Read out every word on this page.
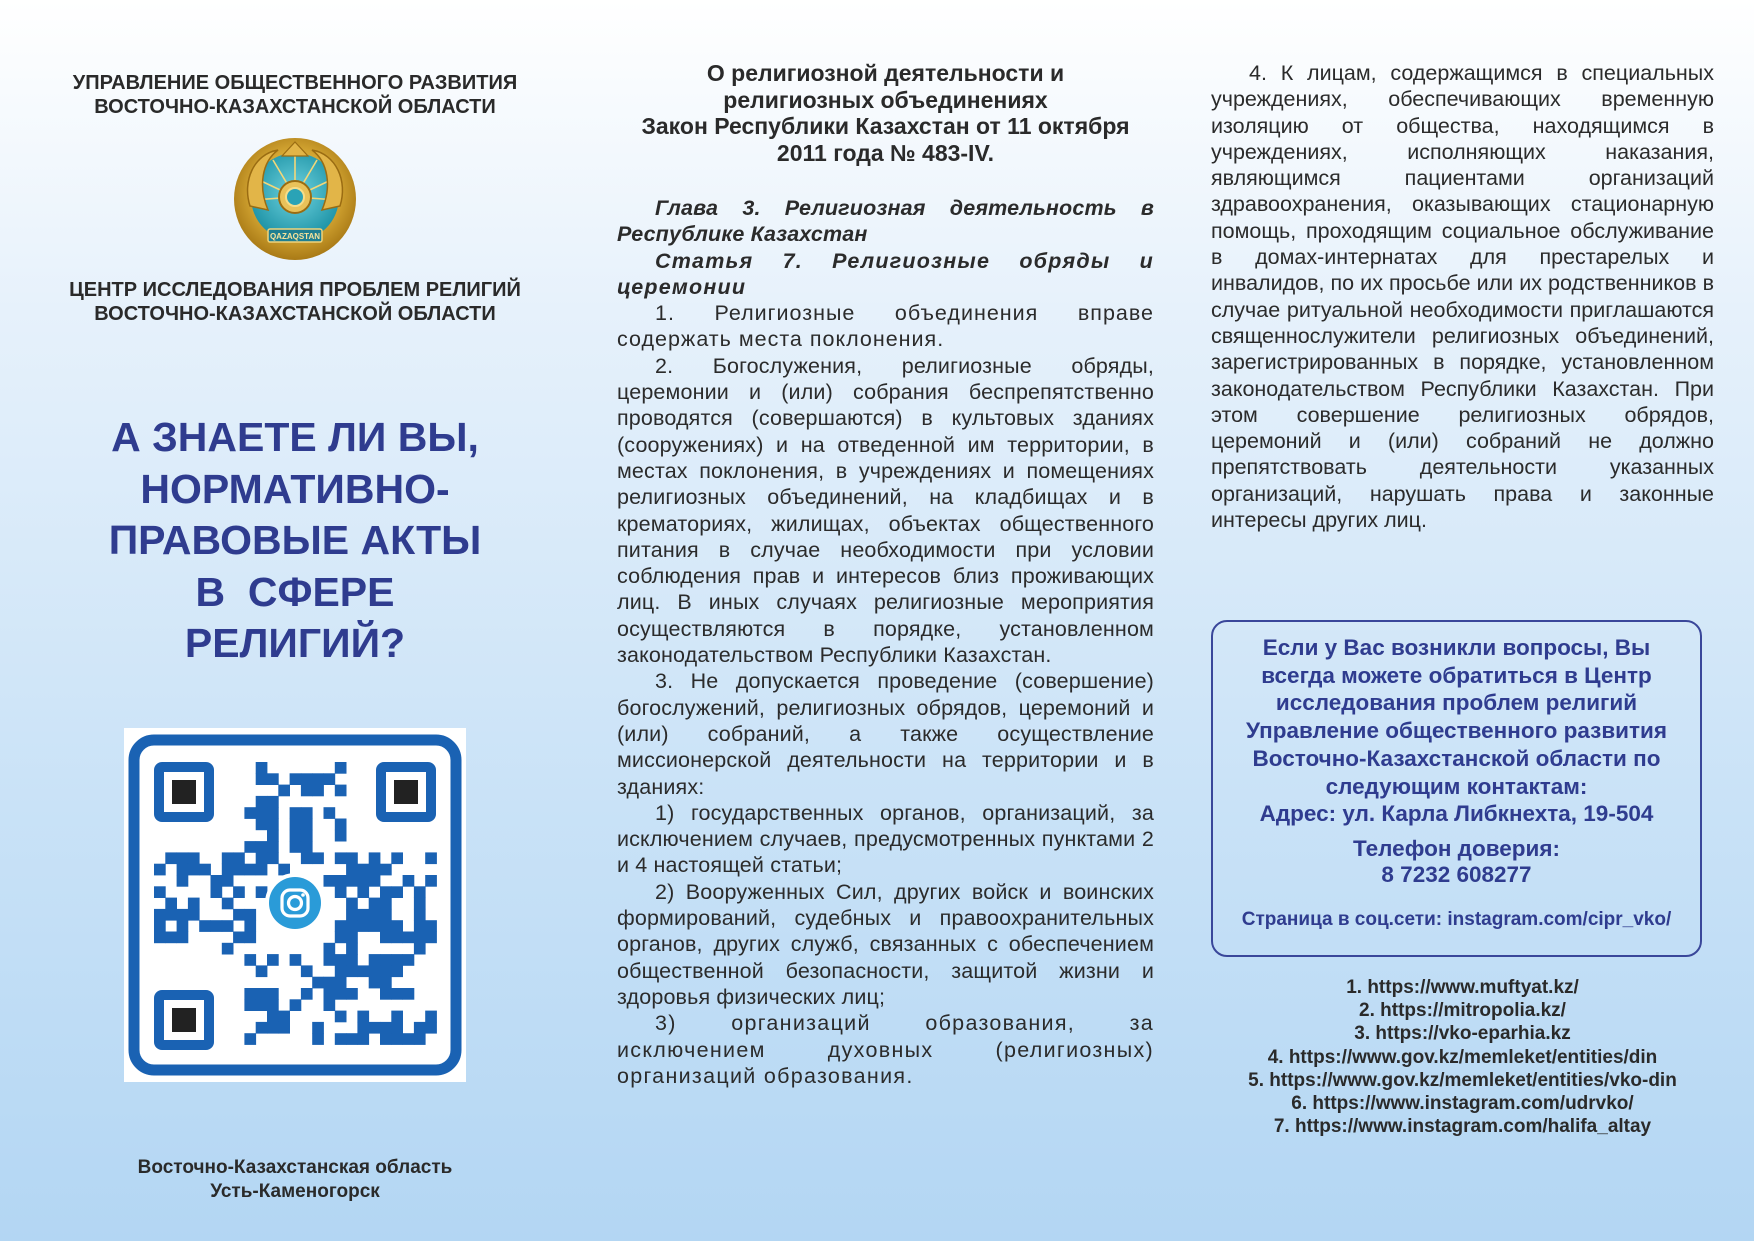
УПРАВЛЕНИЕ ОБЩЕСТВЕННОГО РАЗВИТИЯ
ВОСТОЧНО-КАЗАХСТАНСКОЙ ОБЛАСТИ

QAZAQSTAN

ЦЕНТР ИССЛЕДОВАНИЯ ПРОБЛЕМ РЕЛИГИЙ
ВОСТОЧНО-КАЗАХСТАНСКОЙ ОБЛАСТИ

А ЗНАЕТЕ ЛИ ВЫ,
НОРМАТИВНО-
ПРАВОВЫЕ АКТЫ
В  СФЕРЕ
РЕЛИГИЙ?

Восточно-Казахстанская область

Усть-Каменогорск

О религиозной деятельности и
религиозных объединениях
Закон Республики Казахстан от 11 октября
2011 года № 483-IV.

Глава 3. Религиозная деятельность в Республике Казахстан

Статья 7. Религиозные обряды и церемонии

1. Религиозные объединения вправе содержать места поклонения.

2. Богослужения, религиозные обряды, церемонии и (или) собрания беспрепятственно проводятся (совершаются) в культовых зданиях (сооружениях) и на отведенной им территории, в местах поклонения, в учреждениях и помещениях религиозных объединений, на кладбищах и в крематориях, жилищах, объектах общественного питания в случае необходимости при условии соблюдения прав и интересов близ проживающих лиц. В иных случаях религиозные мероприятия осуществляются в порядке, установленном законодательством Республики Казахстан.

3. Не допускается проведение (совершение) богослужений, религиозных обрядов, церемоний и (или) собраний, а также осуществление миссионерской деятельности на территории и в зданиях:

1) государственных органов, организаций, за исключением случаев, предусмотренных пунктами 2 и 4 настоящей статьи;

2) Вооруженных Сил, других войск и воинских формирований, судебных и правоохранительных органов, других служб, связанных с обеспечением общественной безопасности, защитой жизни и здоровья физических лиц;

3) организаций образования, за исключением духовных (религиозных) организаций образования.

4. К лицам, содержащимся в специальных учреждениях, обеспечивающих временную изоляцию от общества, находящимся в учреждениях, исполняющих наказания, являющимся пациентами организаций здравоохранения, оказывающих стационарную помощь, проходящим социальное обслуживание в домах-интернатах для престарелых и инвалидов, по их просьбе или их родственников в случае ритуальной необходимости приглашаются священнослужители религиозных объединений, зарегистрированных в порядке, установленном законодательством Республики Казахстан. При этом совершение религиозных обрядов, церемоний и (или) собраний не должно препятствовать деятельности указанных организаций, нарушать права и законные интересы других лиц.

Если у Вас возникли вопросы, Вы
всегда можете обратиться в Центр
исследования проблем религий
Управление общественного развития
Восточно-Казахстанской области по
следующим контактам:
Адрес: ул. Карла Либкнехта, 19-504

Телефон доверия:
8 7232 608277

Страница в соц.сети: instagram.com/cipr_vko/

1. https://www.muftyat.kz/
2. https://mitropolia.kz/
3. https://vko-eparhia.kz
4. https://www.gov.kz/memleket/entities/din
5. https://www.gov.kz/memleket/entities/vko-din
6. https://www.instagram.com/udrvko/
7. https://www.instagram.com/halifa_altay
